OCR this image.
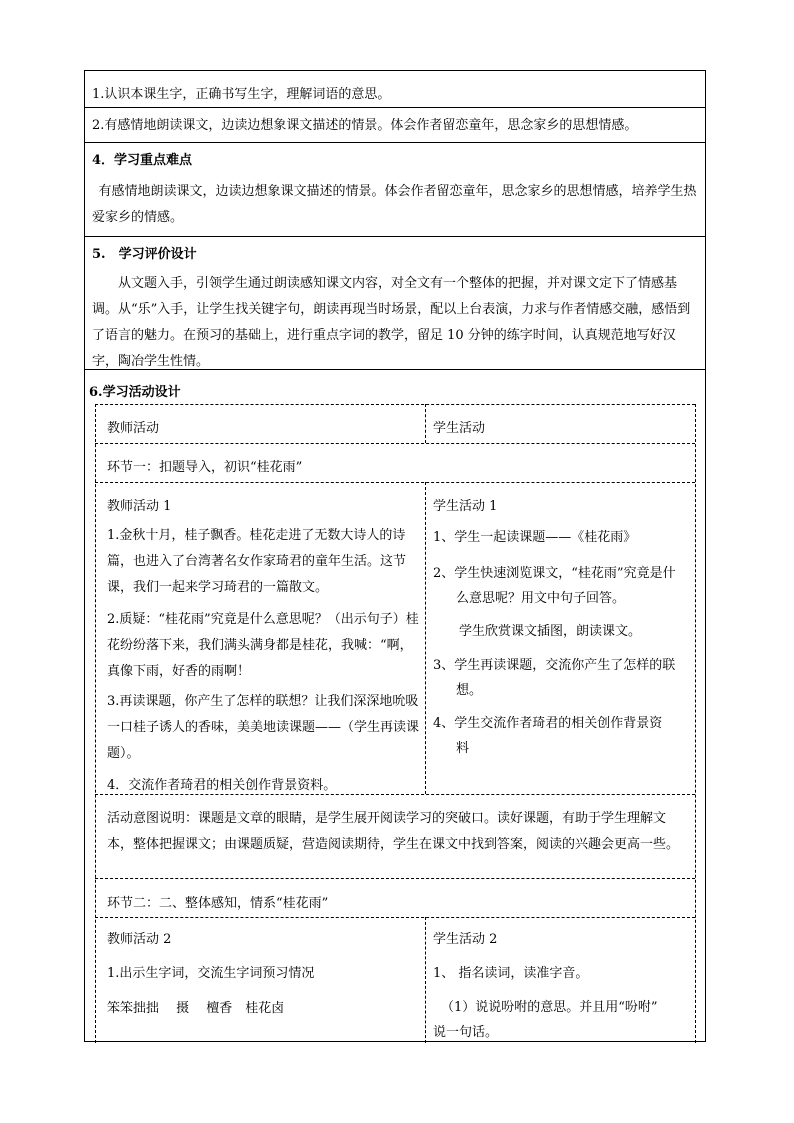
1.认识本课生字，正确书写生字，理解词语的意思。
2.有感情地朗读课文，边读边想象课文描述的情景。体会作者留恋童年，思念家乡的思想情感。
4．学习重点难点
有感情地朗读课文，边读边想象课文描述的情景。体会作者留恋童年，思念家乡的思想情感，培养学生热爱家乡的情感。
5.　学习评价设计
从文题入手，引领学生通过朗读感知课文内容，对全文有一个整体的把握，并对课文定下了情感基调。从“乐”入手，让学生找关键字句，朗读再现当时场景，配以上台表演，力求与作者情感交融，感悟到了语言的魅力。在预习的基础上，进行重点字词的教学，留足 10 分钟的练字时间，认真规范地写好汉字，陶冶学生性情。
6.学习活动设计
教师活动	学生活动
环节一：扣题导入，初识“桂花雨”
教师活动 1
1.金秋十月，桂子飘香。桂花走进了无数大诗人的诗篇，也进入了台湾著名女作家琦君的童年生活。这节课，我们一起来学习琦君的一篇散文。
2.质疑：“桂花雨”究竟是什么意思呢？（出示句子）桂花纷纷落下来，我们满头满身都是桂花，我喊：“啊，真像下雨，好香的雨啊！
3.再读课题，你产生了怎样的联想？让我们深深地吮吸一口桂子诱人的香味，美美地读课题——（学生再读课题）。
4．交流作者琦君的相关创作背景资料。
学生活动 1
1、学生一起读课题——《桂花雨》
2、学生快速浏览课文，“桂花雨”究竟是什
么意思呢？用文中句子回答。
学生欣赏课文插图，朗读课文。
3、学生再读课题，交流你产生了怎样的联
想。
4、学生交流作者琦君的相关创作背景资
料
活动意图说明：课题是文章的眼睛，是学生展开阅读学习的突破口。读好课题，有助于学生理解文本，整体把握课文；由课题质疑，营造阅读期待，学生在课文中找到答案，阅读的兴趣会更高一些。
环节二：二、整体感知，情系“桂花雨”
教师活动 2
1.出示生字词，交流生字词预习情况
笨笨拙拙　 摄　 檀香　桂花卤
学生活动 2
1、 指名读词，读准字音。
（1）说说吩咐的意思。并且用“吩咐”
说一句话。
